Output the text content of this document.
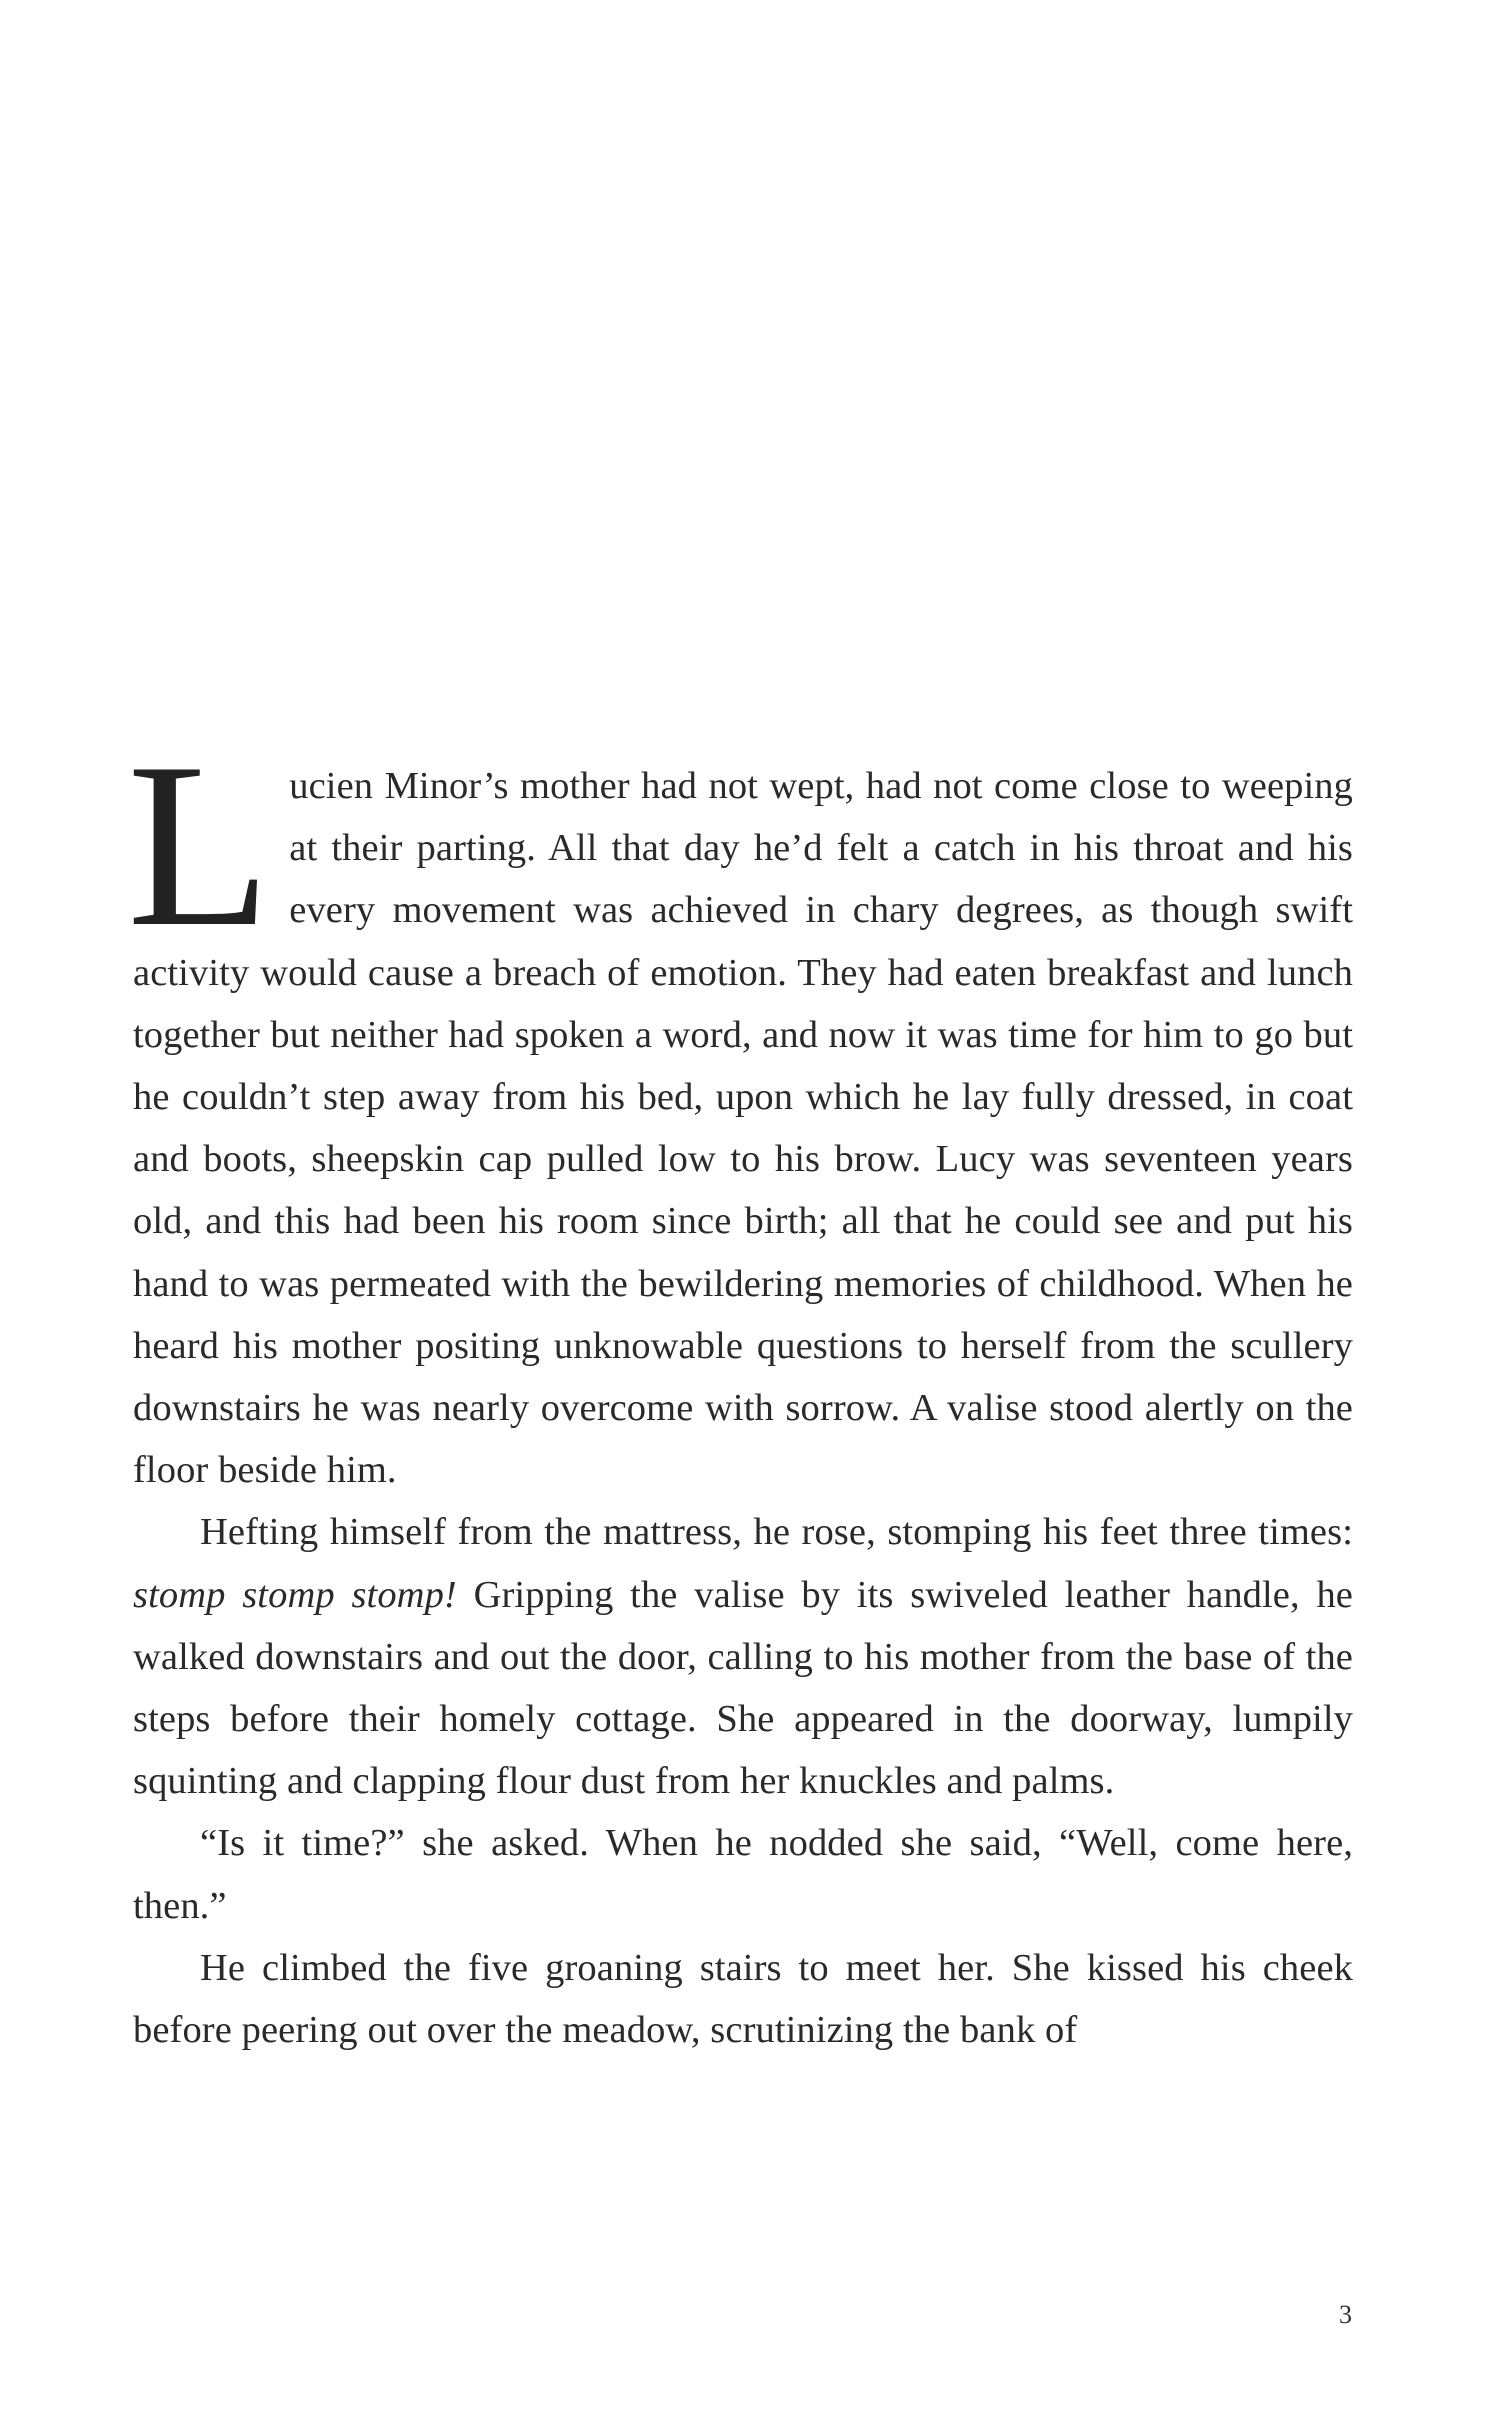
Lucien Minor’s mother had not wept, had not come close to weeping at their parting. All that day he’d felt a catch in his throat and his every movement was achieved in chary degrees, as though swift activity would cause a breach of emotion. They had eaten breakfast and lunch together but neither had spoken a word, and now it was time for him to go but he couldn’t step away from his bed, upon which he lay fully dressed, in coat and boots, sheepskin cap pulled low to his brow. Lucy was seventeen years old, and this had been his room since birth; all that he could see and put his hand to was permeated with the bewildering memories of childhood. When he heard his mother positing unknowable questions to herself from the scullery downstairs he was nearly overcome with sorrow. A valise stood alertly on the floor beside him.

Hefting himself from the mattress, he rose, stomping his feet three times: stomp stomp stomp! Gripping the valise by its swiveled leather handle, he walked downstairs and out the door, calling to his mother from the base of the steps before their homely cottage. She appeared in the doorway, lumpily squinting and clapping flour dust from her knuckles and palms.

“Is it time?” she asked. When he nodded she said, “Well, come here, then.”

He climbed the five groaning stairs to meet her. She kissed his cheek before peering out over the meadow, scrutinizing the bank of

3
